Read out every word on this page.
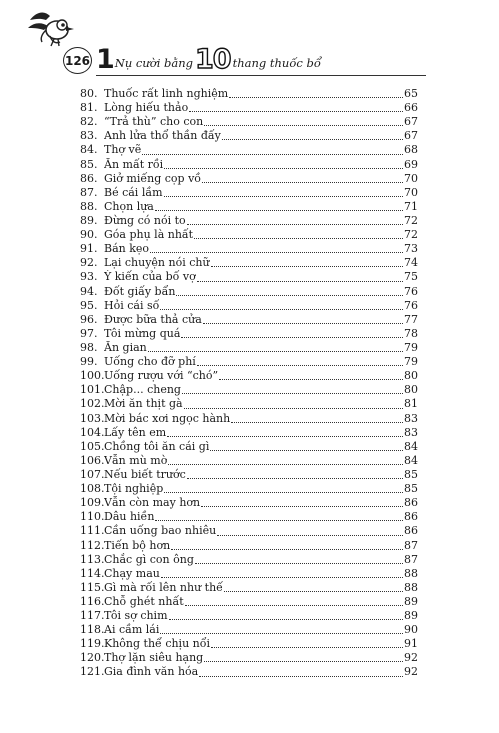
126 1 Nụ cười bằng 10 thang thuốc bổ
80. Thuốc rất linh nghiệm	65
81. Lòng hiếu thảo	66
82. “Trả thù” cho con	67
83. Anh lửa thổ thần đấy	67
84. Thợ vẽ	68
85. Ăn mất rồi	69
86. Giở miếng cọp vồ	70
87. Bé cái lầm	70
88. Chọn lựa	71
89. Đừng có nói to	72
90. Góa phụ là nhất	72
91. Bán kẹo	73
92. Lại chuyện nói chữ	74
93. Ý kiến của bố vợ	75
94. Đốt giấy bẩn	76
95. Hỏi cái số	76
96. Được bữa thả cửa	77
97. Tôi mừng quá	78
98. Ăn gian	79
99. Uống cho đỡ phí	79
100. Uống rượu với “chó”	80
101. Chập... cheng	80
102. Mời ăn thịt gà	81
103. Mời bác xơi ngọc hành	83
104. Lấy tên em	83
105. Chồng tôi ăn cái gì	84
106. Vẫn mù mờ	84
107. Nếu biết trước	85
108. Tội nghiệp	85
109. Vẫn còn may hơn	86
110. Dâu hiền	86
111. Cần uống bao nhiêu	86
112. Tiến bộ hơn	87
113. Chắc gì con ông	87
114. Chạy mau	88
115. Gì mà rối lên như thế	88
116. Chỗ ghét nhất	89
117. Tôi sợ chim	89
118. Ai cầm lái	90
119. Không thể chịu nổi	91
120. Thợ lặn siêu hạng	92
121. Gia đình văn hóa	92
